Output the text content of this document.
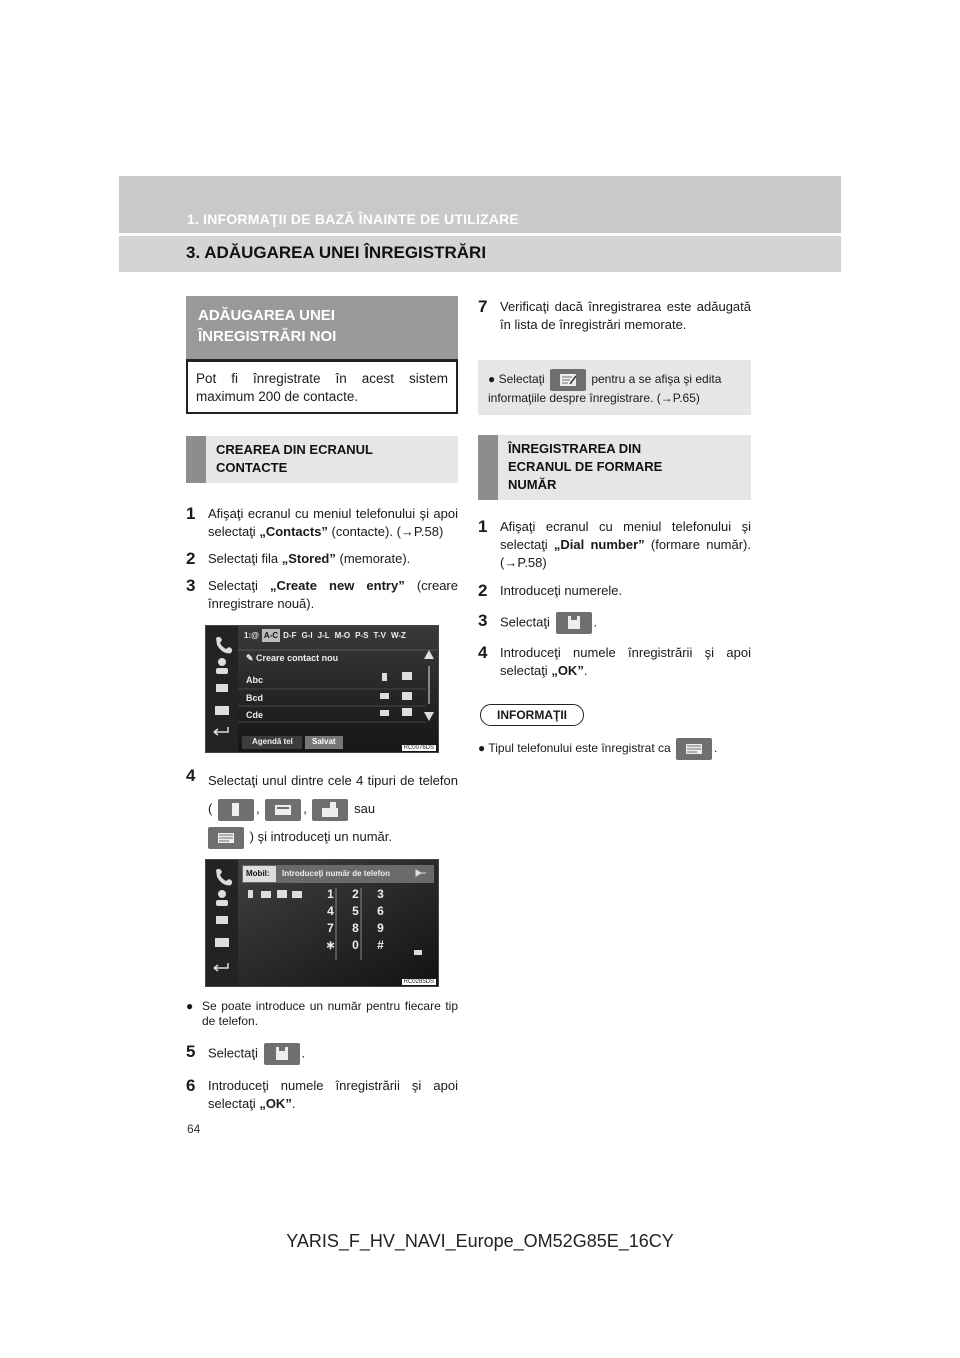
1. INFORMAŢII DE BAZĂ ÎNAINTE DE UTILIZARE
3. ADĂUGAREA UNEI ÎNREGISTRĂRI
ADĂUGAREA UNEI
ÎNREGISTRĂRI NOI
Pot fi înregistrate în acest sistem maximum 200 de contacte.
CREAREA DIN ECRANUL
CONTACTE
1 Afişaţi ecranul cu meniul telefonului şi apoi selectaţi „Contacts” (contacte). (→P.58)
2 Selectaţi fila „Stored” (memorate).
3 Selectaţi „Create new entry” (creare înregistrare nouă).
1:@ A-C D-F G-I J-L M-O P-S T-V W-Z
✎ Creare contact nou
Abc
Bcd
Cde
Agendă tel Salvat
RC0076DS
4 Selectaţi unul dintre cele 4 tipuri de telefon (	,	,	sau

) şi introduceţi un număr.
Mobil: Introduceţi număr de telefon
1	2	3
4	5	6
7	8	9
∗	0	#
RC0285DS
● Se poate introduce un număr pentru fiecare tip de telefon.
5 Selectaţi	.
6 Introduceţi numele înregistrării şi apoi selectaţi „OK”.
7 Verificaţi dacă înregistrarea este adăugată în lista de înregistrări memorate.
● Selectaţi	pentru a se afişa şi edita informaţiile despre înregistrare. (→P.65)
ÎNREGISTRAREA DIN
ECRANUL DE FORMARE
NUMĂR
1 Afişaţi ecranul cu meniul telefonului şi selectaţi „Dial number” (formare număr). (→P.58)
2 Introduceţi numerele.
3 Selectaţi	.
4 Introduceţi numele înregistrării şi apoi selectaţi „OK”.
INFORMAŢII
● Tipul telefonului este înregistrat ca	.
64
YARIS_F_HV_NAVI_Europe_OM52G85E_16CY
